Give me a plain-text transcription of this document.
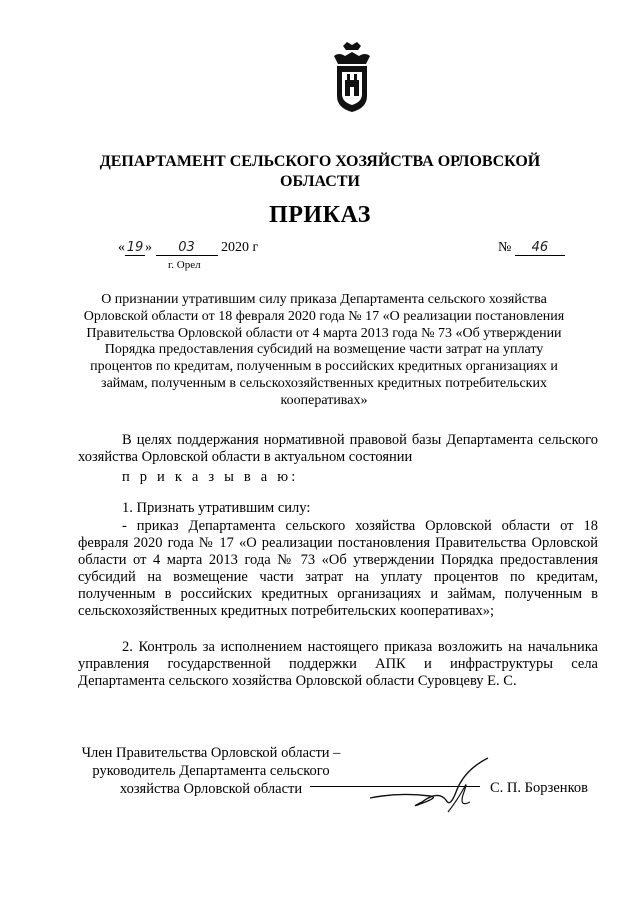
ДЕПАРТАМЕНТ СЕЛЬСКОГО ХОЗЯЙСТВА ОРЛОВСКОЙ ОБЛАСТИ
ПРИКАЗ
« 19 » 03 2020 г
г. Орел
№ 46
О признании утратившим силу приказа Департамента сельского хозяйства Орловской области от 18 февраля 2020 года № 17 «О реализации постановления Правительства Орловской области от 4 марта 2013 года № 73 «Об утверждении Порядка предоставления субсидий на возмещение части затрат на уплату процентов по кредитам, полученным в российских кредитных организациях и займам, полученным в сельскохозяйственных кредитных потребительских кооперативах»
В целях поддержания нормативной правовой базы Департамента сельского хозяйства Орловской области в актуальном состоянии
п р и к а з ы в а ю:
1. Признать утратившим силу:
- приказ Департамента сельского хозяйства Орловской области от 18 февраля 2020 года № 17 «О реализации постановления Правительства Орловской области от 4 марта 2013 года № 73 «Об утверждении Порядка предоставления субсидий на возмещение части затрат на уплату процентов по кредитам, полученным в российских кредитных организациях и займам, полученным в сельскохозяйственных кредитных потребительских кооперативах»;
2. Контроль за исполнением настоящего приказа возложить на начальника управления государственной поддержки АПК и инфраструктуры села Департамента сельского хозяйства Орловской области Суровцеву Е. С.
Член Правительства Орловской области –
руководитель Департамента сельского
хозяйства Орловской области	С. П. Борзенков
